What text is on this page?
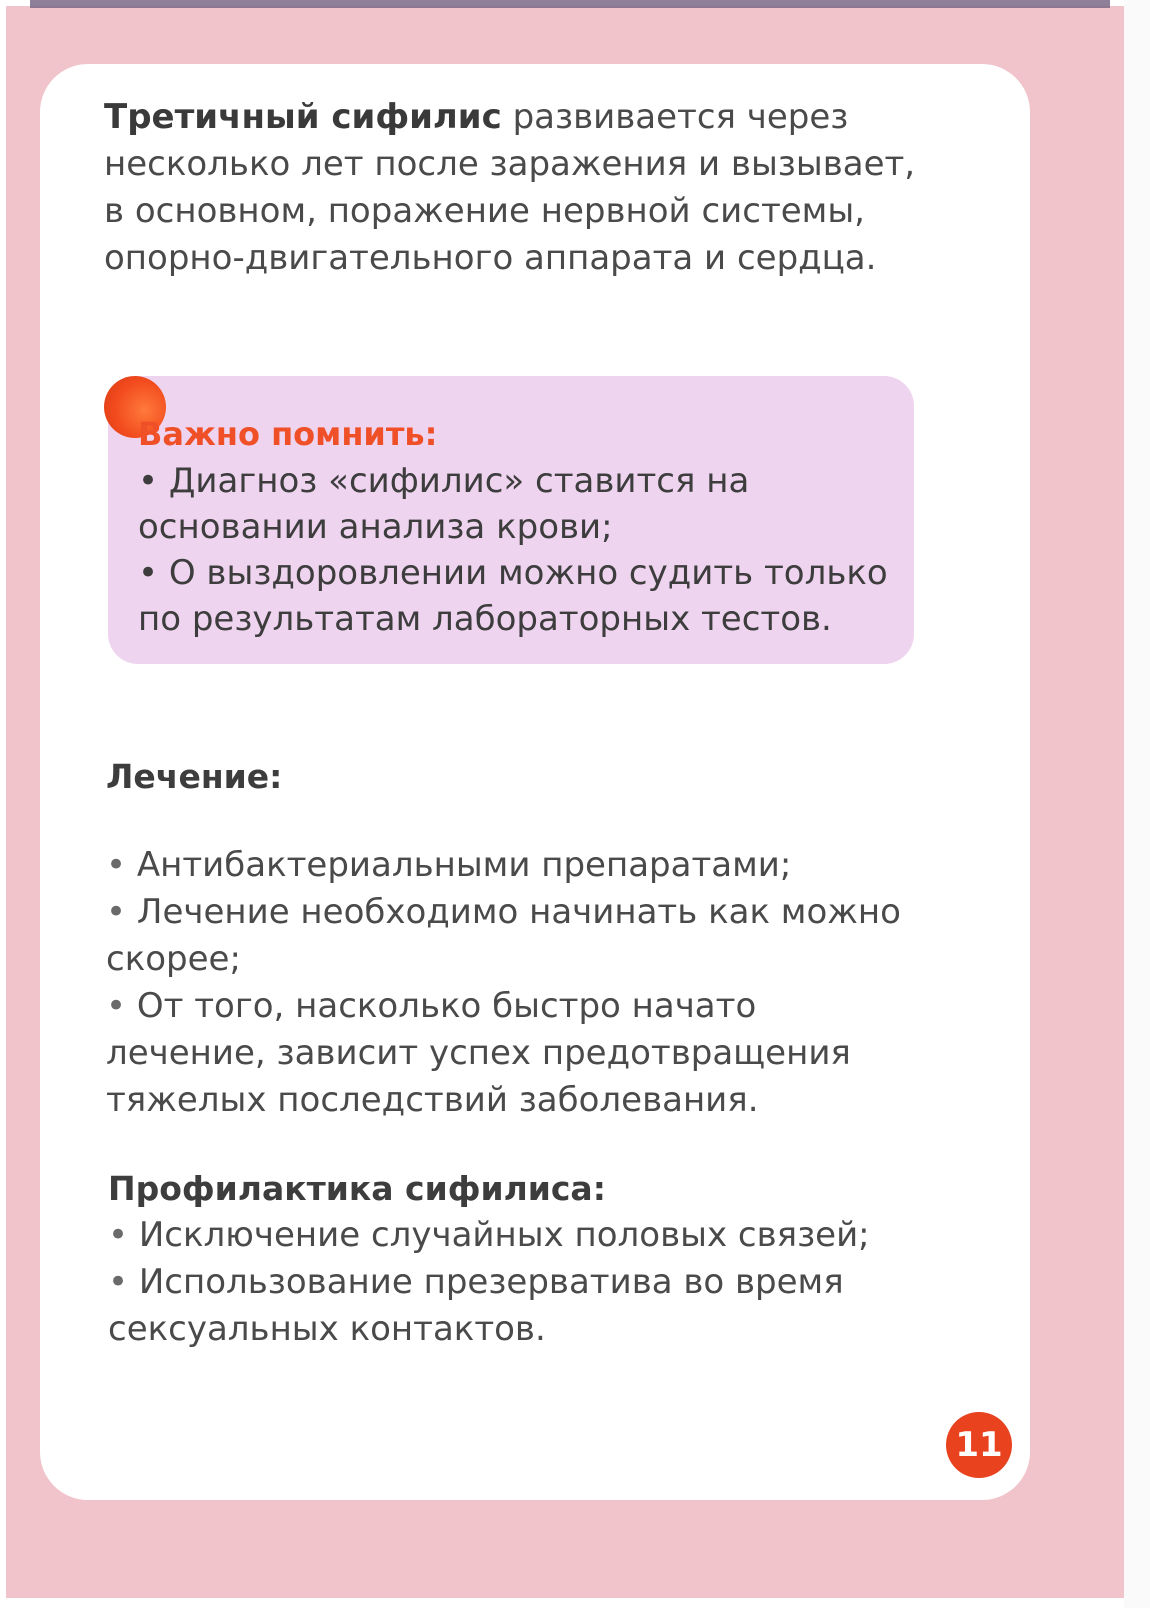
Третичный сифилис развивается через несколько лет после заражения и вызывает, в основном, поражение нервной системы, опорно-двигательного аппарата и сердца.

Важно помнить:

• Диагноз «сифилис» ставится на основании анализа крови;
• О выздоровлении можно судить только по результатам лабораторных тестов.

Лечение:

• Антибактериальными препаратами;
• Лечение необходимо начинать как можно скорее;
• От того, насколько быстро начато лечение, зависит успех предотвращения тяжелых последствий заболевания.

Профилактика сифилиса:

• Исключение случайных половых связей;
• Использование презерватива во время сексуальных контактов.
11
